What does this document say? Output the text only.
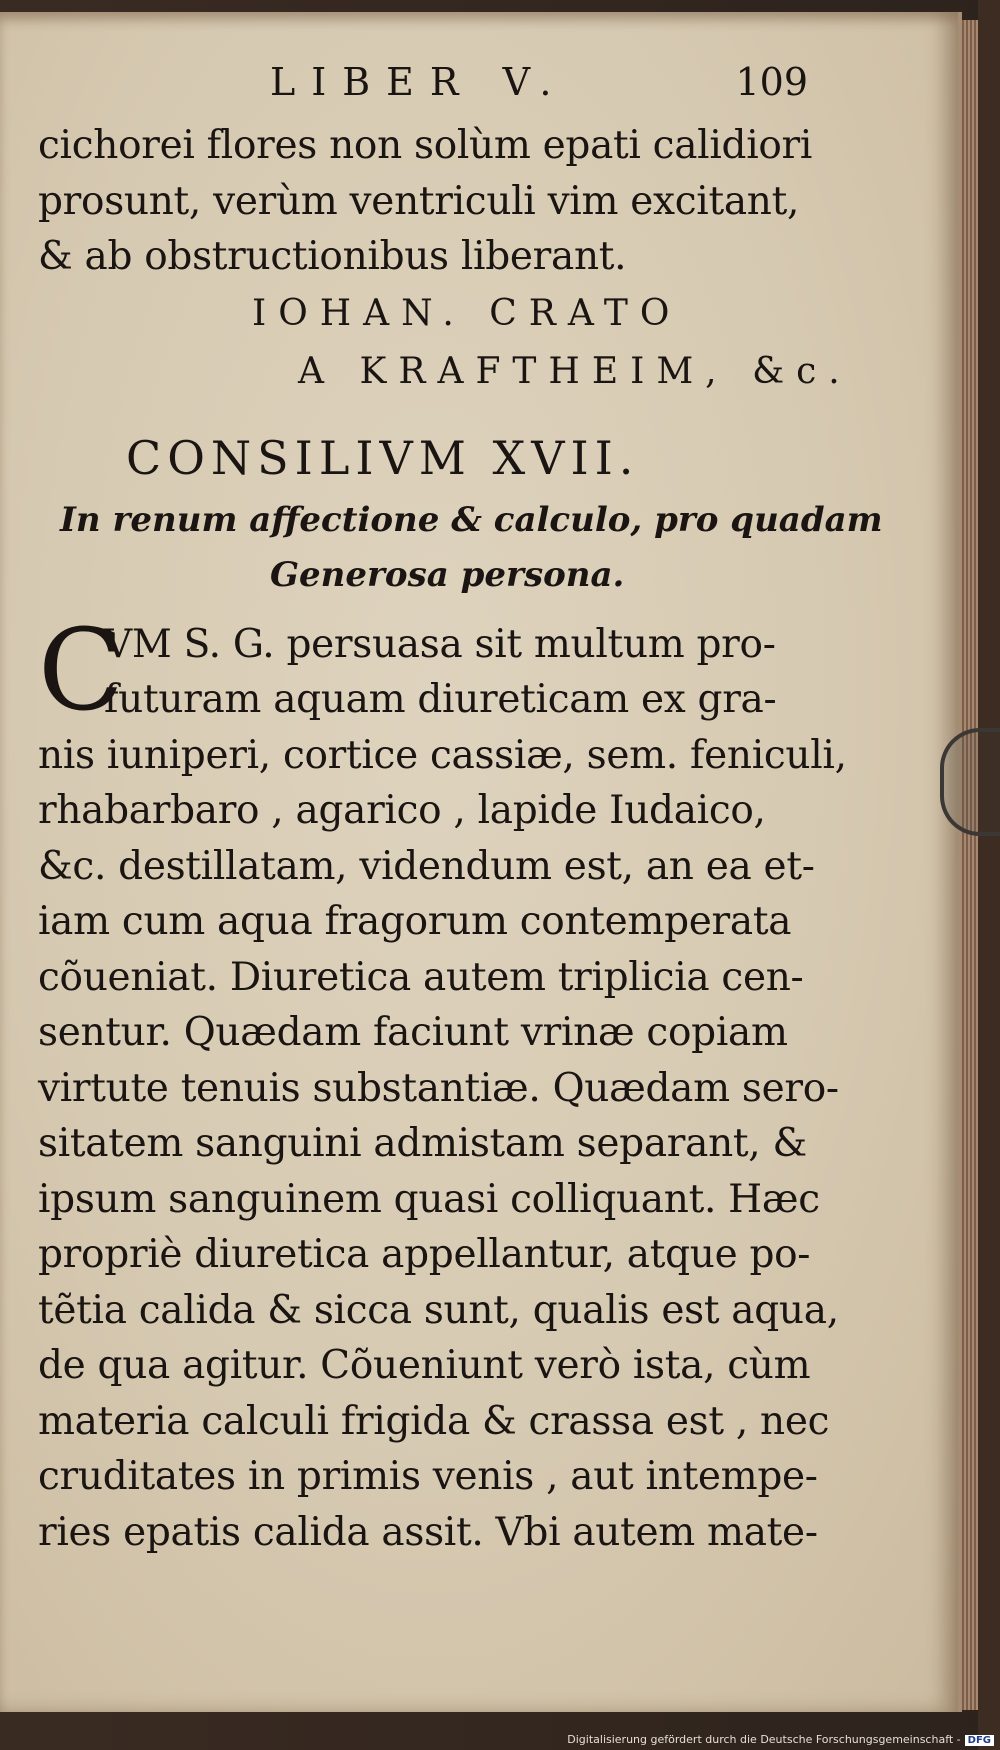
LIBER V.	109
cichorei flores non solùm epati calidiori
prosunt, verùm ventriculi vim excitant,
& ab obstructionibus liberant.
IOHAN. CRATO
A KRAFTHEIM, &c.
CONSILIVM XVII.
In renum affectione & calculo, pro quadam
Generosa persona.
C
VM S. G. persuasa sit multum pro-
futuram aquam diureticam ex gra-
nis iuniperi, cortice cassiæ, sem. feniculi,
rhabarbaro , agarico , lapide Iudaico,
&c. destillatam, videndum est, an ea et-
iam cum aqua fragorum contemperata
cõueniat. Diuretica autem triplicia cen-
sentur. Quædam faciunt vrinæ copiam
virtute tenuis substantiæ. Quædam sero-
sitatem sanguini admistam separant, &
ipsum sanguinem quasi colliquant. Hæc
propriè diuretica appellantur, atque po-
tẽtia calida & sicca sunt, qualis est aqua,
de qua agitur. Cõueniunt verò ista, cùm
materia calculi frigida & crassa est , nec
cruditates in primis venis , aut intempe-
ries epatis calida assit. Vbi autem mate-
Digitalisierung gefördert durch die Deutsche Forschungsgemeinschaft - DFG
